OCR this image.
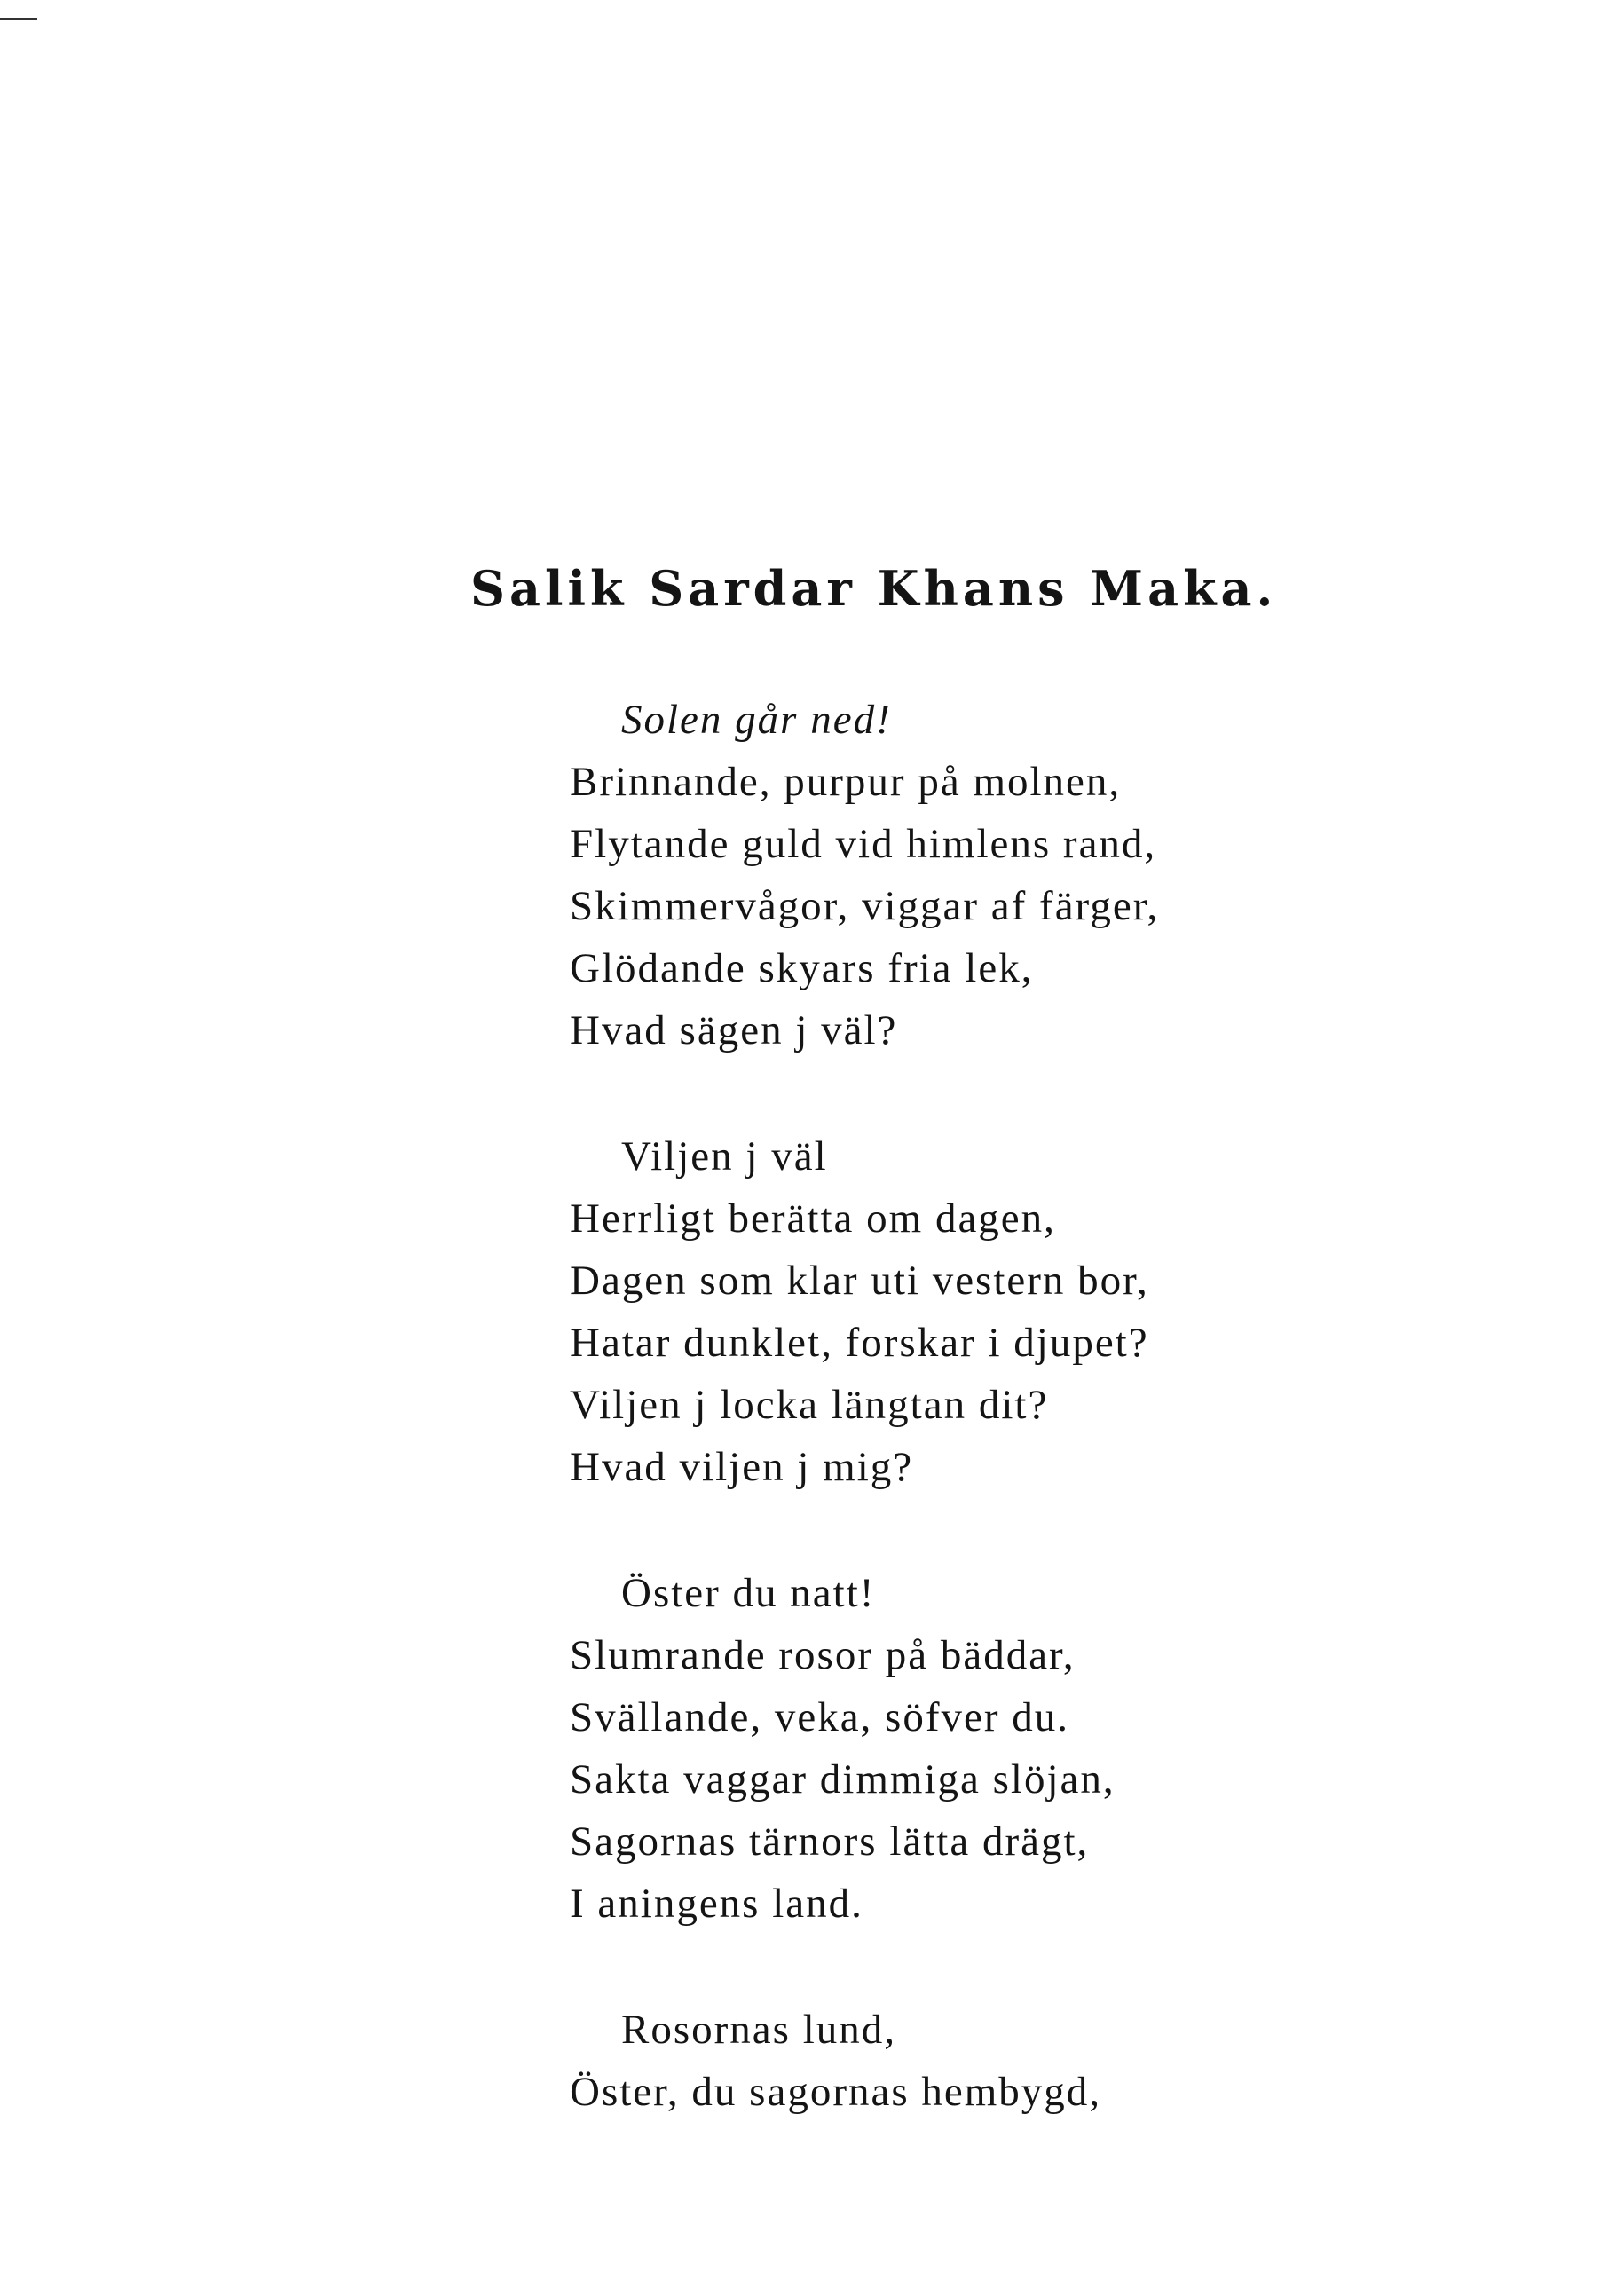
Salik Sardar Khans Maka.
Solen går ned!
Brinnande, purpur på molnen,
Flytande guld vid himlens rand,
Skimmervågor, viggar af färger,
Glödande skyars fria lek,
Hvad sägen j väl?
Viljen j väl
Herrligt berätta om dagen,
Dagen som klar uti vestern bor,
Hatar dunklet, forskar i djupet?
Viljen j locka längtan dit?
Hvad viljen j mig?
Öster du natt!
Slumrande rosor på bäddar,
Svällande, veka, söfver du.
Sakta vaggar dimmiga slöjan,
Sagornas tärnors lätta drägt,
I aningens land.
Rosornas lund,
Öster, du sagornas hembygd,
